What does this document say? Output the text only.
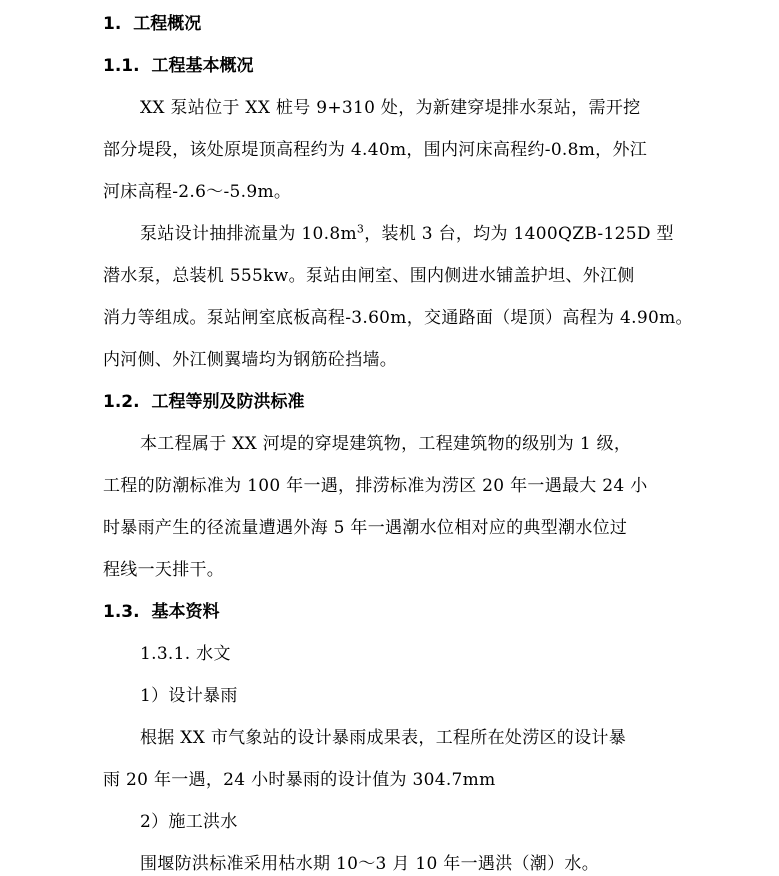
1. 工程概况
1.1. 工程基本概况
XX 泵站位于 XX 桩号 9+310 处，为新建穿堤排水泵站，需开挖
部分堤段，该处原堤顶高程约为 4.40m，围内河床高程约-0.8m，外江
河床高程-2.6～-5.9m。
泵站设计抽排流量为 $10.8m^3$，装机 3 台，均为 1400QZB-125D 型
潜水泵，总装机 555kw。泵站由闸室、围内侧进水铺盖护坦、外江侧
消力等组成。泵站闸室底板高程-3.60m，交通路面（堤顶）高程为 4.90m。
内河侧、外江侧翼墙均为钢筋砼挡墙。
1.2. 工程等别及防洪标准
本工程属于 XX 河堤的穿堤建筑物，工程建筑物的级别为 1 级，
工程的防潮标准为 100 年一遇，排涝标准为涝区 20 年一遇最大 24 小
时暴雨产生的径流量遭遇外海 5 年一遇潮水位相对应的典型潮水位过
程线一天排干。
1.3. 基本资料
1.3.1. 水文
1）设计暴雨
根据 XX 市气象站的设计暴雨成果表，工程所在处涝区的设计暴
雨 20 年一遇，24 小时暴雨的设计值为 304.7mm
2）施工洪水
围堰防洪标准采用枯水期 10～3 月 10 年一遇洪（潮）水。
